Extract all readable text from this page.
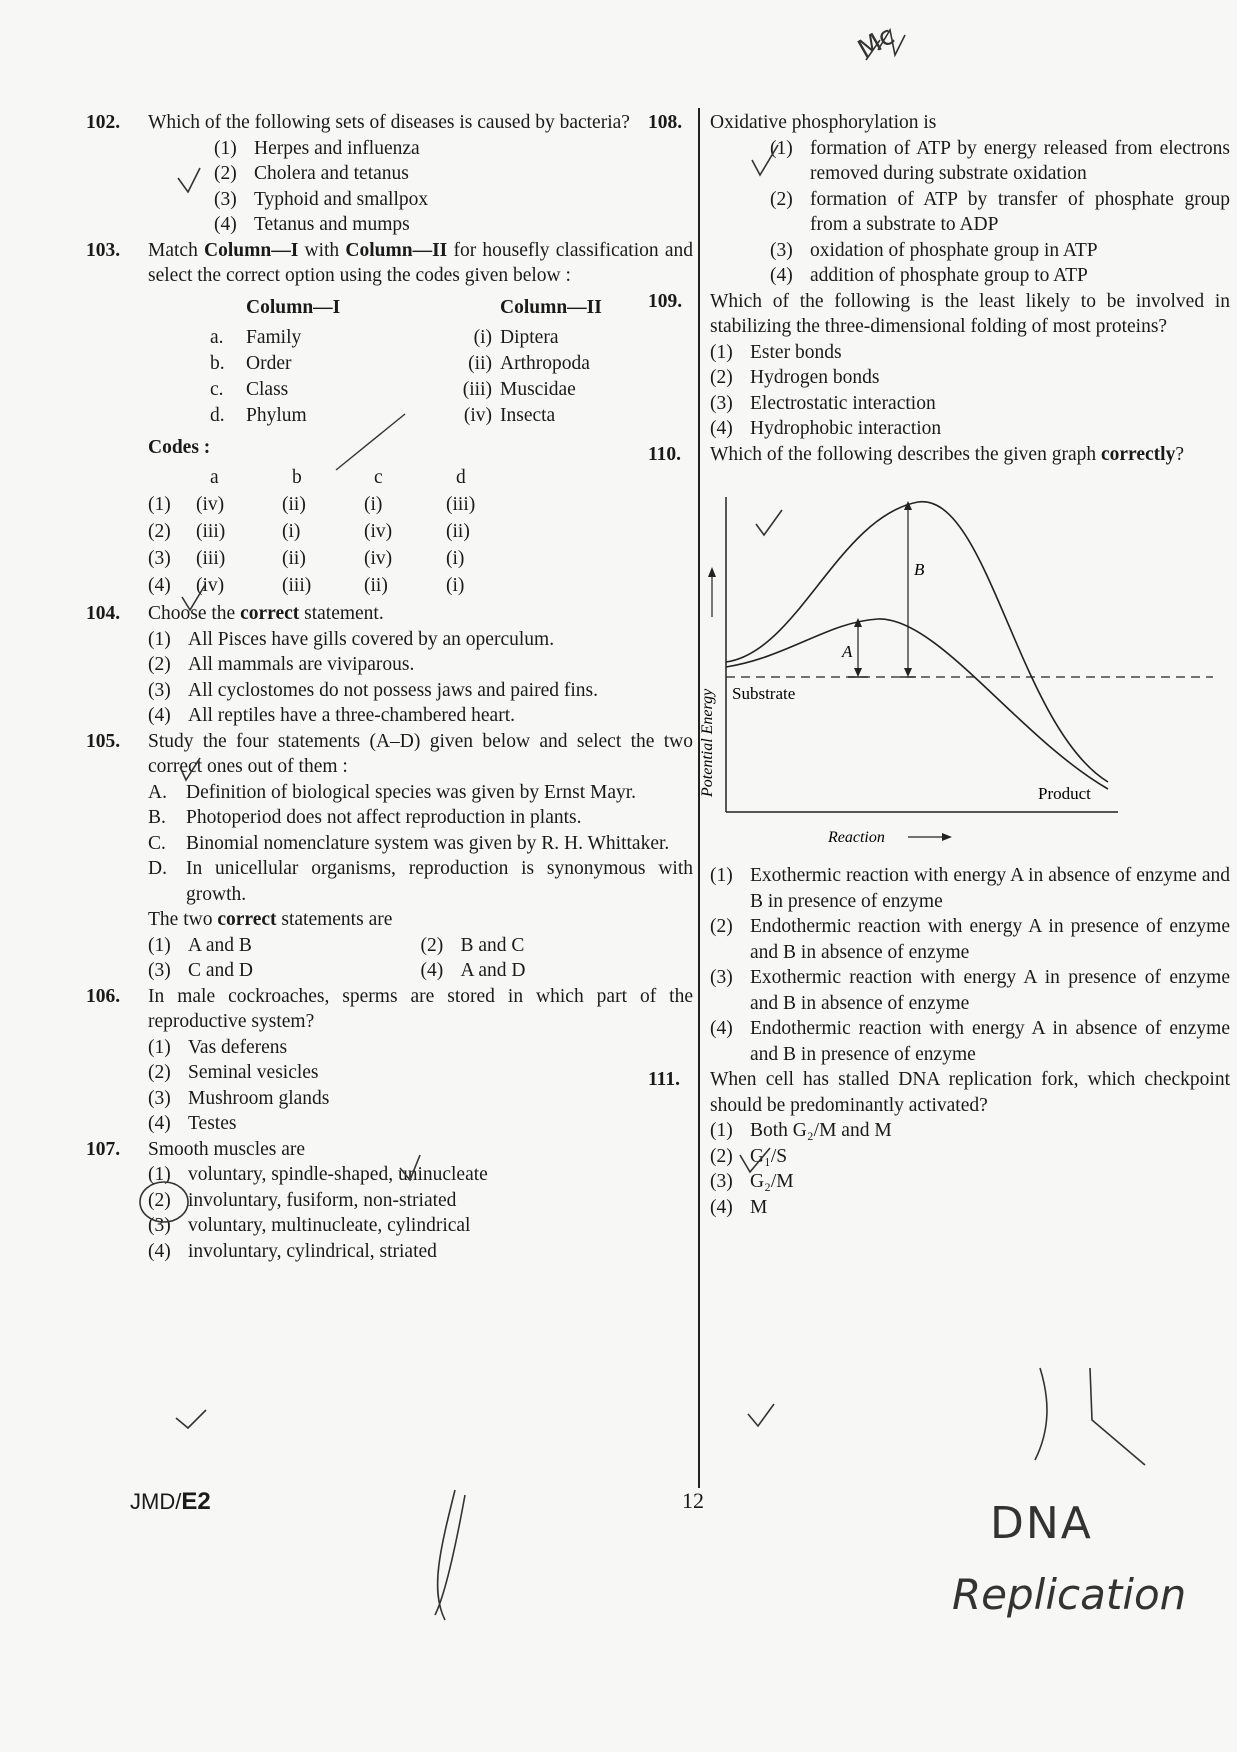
102. Which of the following sets of diseases is caused by bacteria?
(1) Herpes and influenza
(2) Cholera and tetanus
(3) Typhoid and smallpox
(4) Tetanus and mumps
103. Match Column—I with Column—II for housefly classification and select the correct option using the codes given below :
	Column—I			Column—II
a.	Family		(i)	Diptera
b.	Order		(ii)	Arthropoda
c.	Class		(iii)	Muscidae
d.	Phylum		(iv)	Insecta
Codes :
	a	b	c	d
(1)	(iv)	(ii)	(i)	(iii)
(2)	(iii)	(i)	(iv)	(ii)
(3)	(iii)	(ii)	(iv)	(i)
(4)	(iv)	(iii)	(ii)	(i)
104. Choose the correct statement.
(1) All Pisces have gills covered by an operculum.
(2) All mammals are viviparous.
(3) All cyclostomes do not possess jaws and paired fins.
(4) All reptiles have a three-chambered heart.
105. Study the four statements (A–D) given below and select the two correct ones out of them :
A. Definition of biological species was given by Ernst Mayr.
B.	Photoperiod does not affect reproduction in plants.
C.	Binomial nomenclature system was given by R. H. Whittaker.
D. In unicellular organisms, reproduction is synonymous with growth.
The two correct statements are
(1) A and B	(2) B and C
(3) C and D	(4) A and D
106. In male cockroaches, sperms are stored in which part of the reproductive system?
(1) Vas deferens
(2) Seminal vesicles
(3) Mushroom glands
(4) Testes
107. Smooth muscles are
(1) voluntary, spindle-shaped, uninucleate
(2) involuntary, fusiform, non-striated
(3) voluntary, multinucleate, cylindrical
(4) involuntary, cylindrical, striated
108. Oxidative phosphorylation is
(1) formation of ATP by energy released from electrons removed during substrate oxidation
(2) formation of ATP by transfer of phosphate group from a substrate to ADP
(3) oxidation of phosphate group in ATP
(4) addition of phosphate group to ATP
109. Which of the following is the least likely to be involved in stabilizing the three-dimensional folding of most proteins?
(1) Ester bonds
(2) Hydrogen bonds
(3) Electrostatic interaction
(4) Hydrophobic interaction
110. Which of the following describes the given graph correctly?
B
A
Substrate
Product
Potential Energy
Reaction
(1) Exothermic reaction with energy A in absence of enzyme and B in presence of enzyme
(2) Endothermic reaction with energy A in presence of enzyme and B in absence of enzyme
(3) Exothermic reaction with energy A in presence of enzyme and B in absence of enzyme
(4) Endothermic reaction with energy A in absence of enzyme and B in presence of enzyme
111. When cell has stalled DNA replication fork, which checkpoint should be predominantly activated?
(1) Both G₂/M and M
(2) G₁/S
(3) G₂/M
(4) M
JMD/E2	12
Mc
DNA
Replication
